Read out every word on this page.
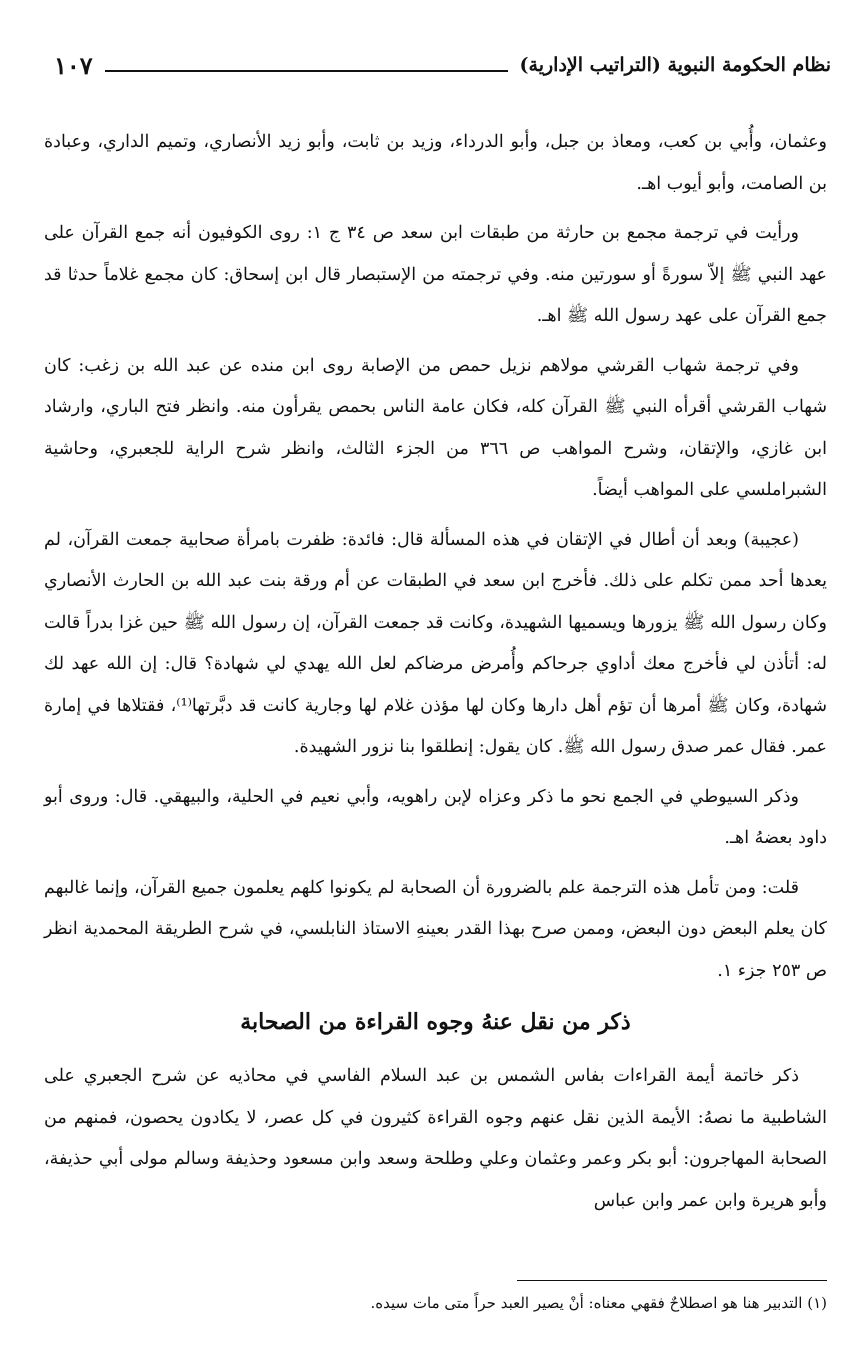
نظام الحكومة النبوية (التراتيب الإدارية)
١٠٧

وعثمان، وأُبي بن كعب، ومعاذ بن جبل، وأبو الدرداء، وزيد بن ثابت، وأبو زيد الأنصاري، وتميم الداري، وعبادة بن الصامت، وأبو أيوب اهـ.

ورأيت في ترجمة مجمع بن حارثة من طبقات ابن سعد ص ٣٤ ج ١: روى الكوفيون أنه جمع القرآن على عهد النبي ﷺ إلاّ سورةً أو سورتين منه. وفي ترجمته من الإستبصار قال ابن إسحاق: كان مجمع غلاماً حدثا قد جمع القرآن على عهد رسول الله ﷺ اهـ.

وفي ترجمة شهاب القرشي مولاهم نزيل حمص من الإصابة روى ابن منده عن عبد الله بن زغب: كان شهاب القرشي أقرأه النبي ﷺ القرآن كله، فكان عامة الناس بحمص يقرأون منه. وانظر فتح الباري، وارشاد ابن غازي، والإتقان، وشرح المواهب ص ٣٦٦ من الجزء الثالث، وانظر شرح الراية للجعبري، وحاشية الشبراملسي على المواهب أيضاً.

(عجيبة) وبعد أن أطال في الإتقان في هذه المسألة قال: فائدة: ظفرت بامرأة صحابية جمعت القرآن، لم يعدها أحد ممن تكلم على ذلك. فأخرج ابن سعد في الطبقات عن أم ورقة بنت عبد الله بن الحارث الأنصاري وكان رسول الله ﷺ يزورها ويسميها الشهيدة، وكانت قد جمعت القرآن، إن رسول الله ﷺ حين غزا بدراً قالت له: أتأذن لي فأخرج معك أداوي جرحاكم وأُمرض مرضاكم لعل الله يهدي لي شهادة؟ قال: إن الله عهد لك شهادة، وكان ﷺ أمرها أن تؤم أهل دارها وكان لها مؤذن غلام لها وجارية كانت قد دبَّرتها⁽¹⁾، فقتلاها في إمارة عمر. فقال عمر صدق رسول الله ﷺ. كان يقول: إنطلقوا بنا نزور الشهيدة.

وذكر السيوطي في الجمع نحو ما ذكر وعزاه لإبن راهويه، وأبي نعيم في الحلية، والبيهقي. قال: وروى أبو داود بعضهُ اهـ.

قلت: ومن تأمل هذه الترجمة علم بالضرورة أن الصحابة لم يكونوا كلهم يعلمون جميع القرآن، وإنما غالبهم كان يعلم البعض دون البعض، وممن صرح بهذا القدر بعينهِ الاستاذ النابلسي، في شرح الطريقة المحمدية انظر ص ٢٥٣ جزء ١.

ذكر من نقل عنهُ وجوه القراءة من الصحابة

ذكر خاتمة أيمة القراءات بفاس الشمس بن عبد السلام الفاسي في محاذيه عن شرح الجعبري على الشاطبية ما نصهُ: الأيمة الذين نقل عنهم وجوه القراءة كثيرون في كل عصر، لا يكادون يحصون، فمنهم من الصحابة المهاجرون: أبو بكر وعمر وعثمان وعلي وطلحة وسعد وابن مسعود وحذيفة وسالم مولى أبي حذيفة، وأبو هريرة وابن عمر وابن عباس

(١) التدبير هنا هو اصطلاحٌ فقهي معناه: أنْ يصير العبد حراً متى مات سيده.
